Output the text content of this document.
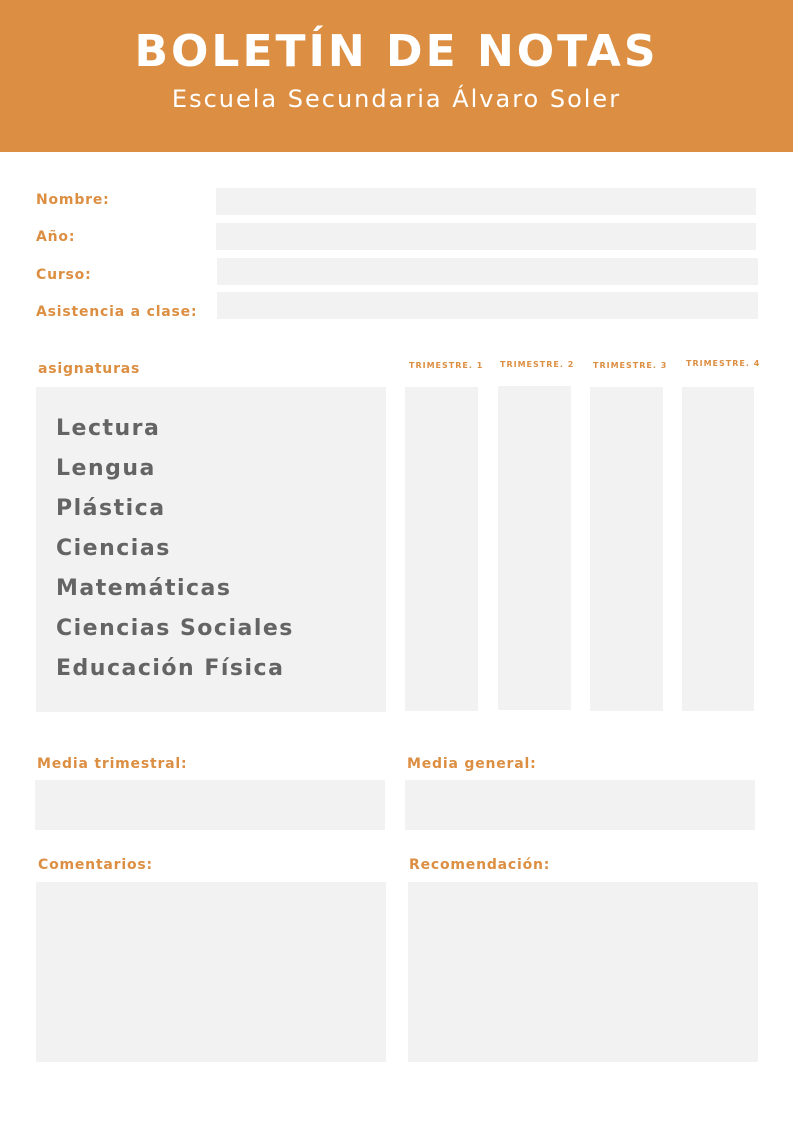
BOLETÍN DE NOTAS
Escuela Secundaria Álvaro Soler
Nombre:
Año:
Curso:
Asistencia a clase:
asignaturas	TRIMESTRE. 1 TRIMESTRE. 2 TRIMESTRE. 3 TRIMESTRE. 4
Lectura
Lengua
Plástica
Ciencias
Matemáticas
Ciencias Sociales
Educación Física
Media trimestral:	Media general:
Comentarios:	Recomendación:
